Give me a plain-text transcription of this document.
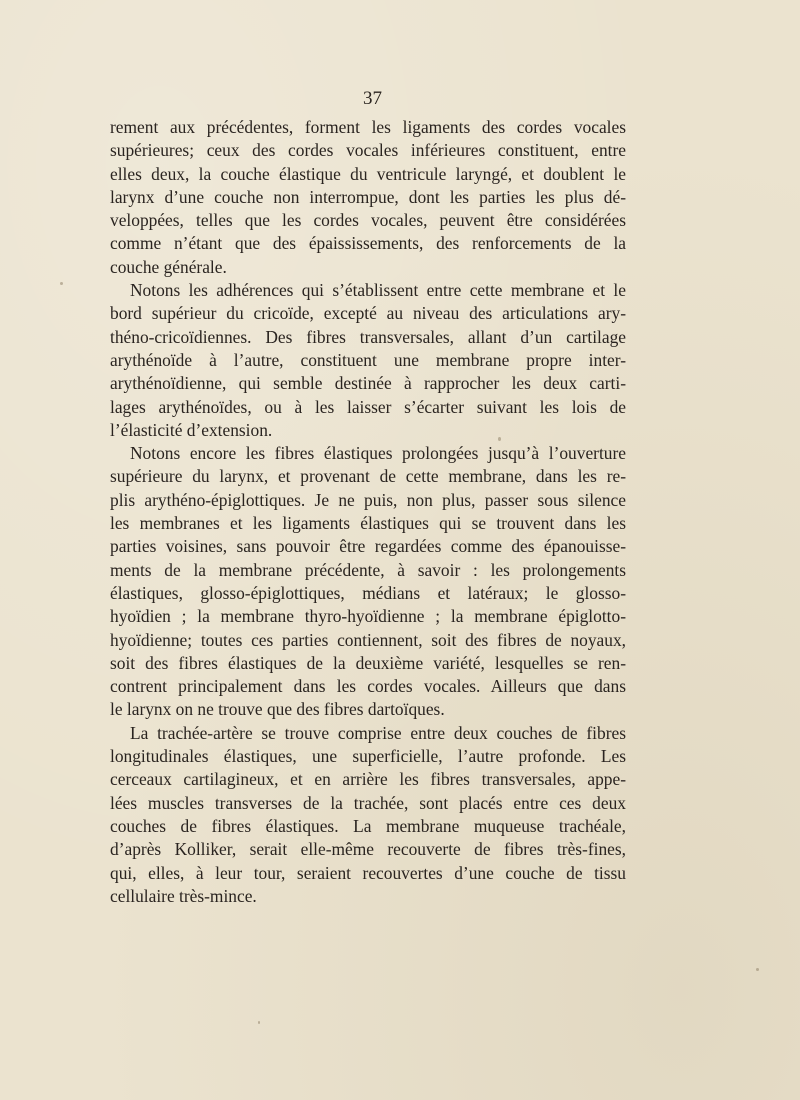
37
rement aux précédentes, forment les ligaments des cordes vocales
supérieures; ceux des cordes vocales inférieures constituent, entre
elles deux, la couche élastique du ventricule laryngé, et doublent le
larynx d’une couche non interrompue, dont les parties les plus dé-
veloppées, telles que les cordes vocales, peuvent être considérées
comme n’étant que des épaississements, des renforcements de la
couche générale.
Notons les adhérences qui s’établissent entre cette membrane et le
bord supérieur du cricoïde, excepté au niveau des articulations ary-
théno-cricoïdiennes. Des fibres transversales, allant d’un cartilage
arythénoïde à l’autre, constituent une membrane propre inter-
arythénoïdienne, qui semble destinée à rapprocher les deux carti-
lages arythénoïdes, ou à les laisser s’écarter suivant les lois de
l’élasticité d’extension.
Notons encore les fibres élastiques prolongées jusqu’à l’ouverture
supérieure du larynx, et provenant de cette membrane, dans les re-
plis arythéno-épiglottiques. Je ne puis, non plus, passer sous silence
les membranes et les ligaments élastiques qui se trouvent dans les
parties voisines, sans pouvoir être regardées comme des épanouisse-
ments de la membrane précédente, à savoir : les prolongements
élastiques, glosso-épiglottiques, médians et latéraux; le glosso-
hyoïdien ; la membrane thyro-hyoïdienne ; la membrane épiglotto-
hyoïdienne; toutes ces parties contiennent, soit des fibres de noyaux,
soit des fibres élastiques de la deuxième variété, lesquelles se ren-
contrent principalement dans les cordes vocales. Ailleurs que dans
le larynx on ne trouve que des fibres dartoïques.
La trachée-artère se trouve comprise entre deux couches de fibres
longitudinales élastiques, une superficielle, l’autre profonde. Les
cerceaux cartilagineux, et en arrière les fibres transversales, appe-
lées muscles transverses de la trachée, sont placés entre ces deux
couches de fibres élastiques. La membrane muqueuse trachéale,
d’après Kolliker, serait elle-même recouverte de fibres très-fines,
qui, elles, à leur tour, seraient recouvertes d’une couche de tissu
cellulaire très-mince.
